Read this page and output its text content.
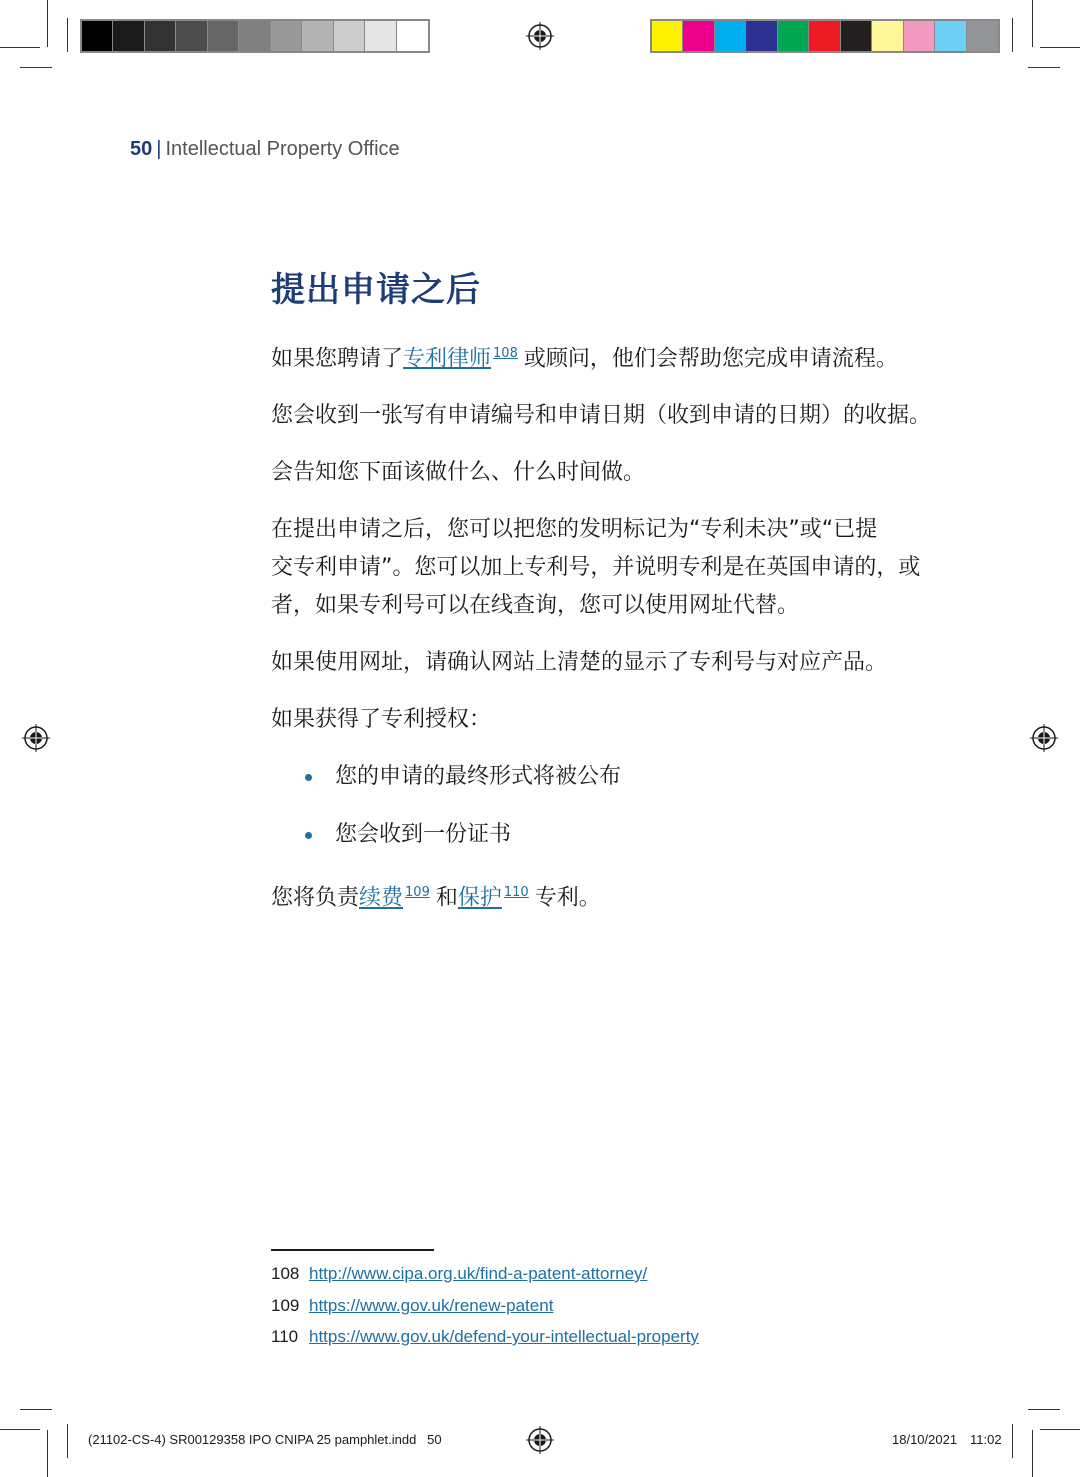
50 | Intellectual Property Office
提出申请之后

如果您聘请了专利律师 $^{108}$ 或顾问，他们会帮助您完成申请流程。

您会收到一张写有申请编号和申请日期（收到申请的日期）的收据。

会告知您下面该做什么、什么时间做。

在提出申请之后，您可以把您的发明标记为“专利未决”或“已提
交专利申请”。您可以加上专利号，并说明专利是在英国申请的，或
者，如果专利号可以在线查询，您可以使用网址代替。

如果使用网址，请确认网站上清楚的显示了专利号与对应产品。

如果获得了专利授权：

您的申请的最终形式将被公布
您会收到一份证书

您将负责续费 $^{109}$ 和保护 $^{110}$ 专利。

108 http://www.cipa.org.uk/find-a-patent-attorney/
109 https://www.gov.uk/renew-patent
110 https://www.gov.uk/defend-your-intellectual-property
(21102-CS-4) SR00129358 IPO CNIPA 25 pamphlet.indd   50	18/10/2021 11:02
